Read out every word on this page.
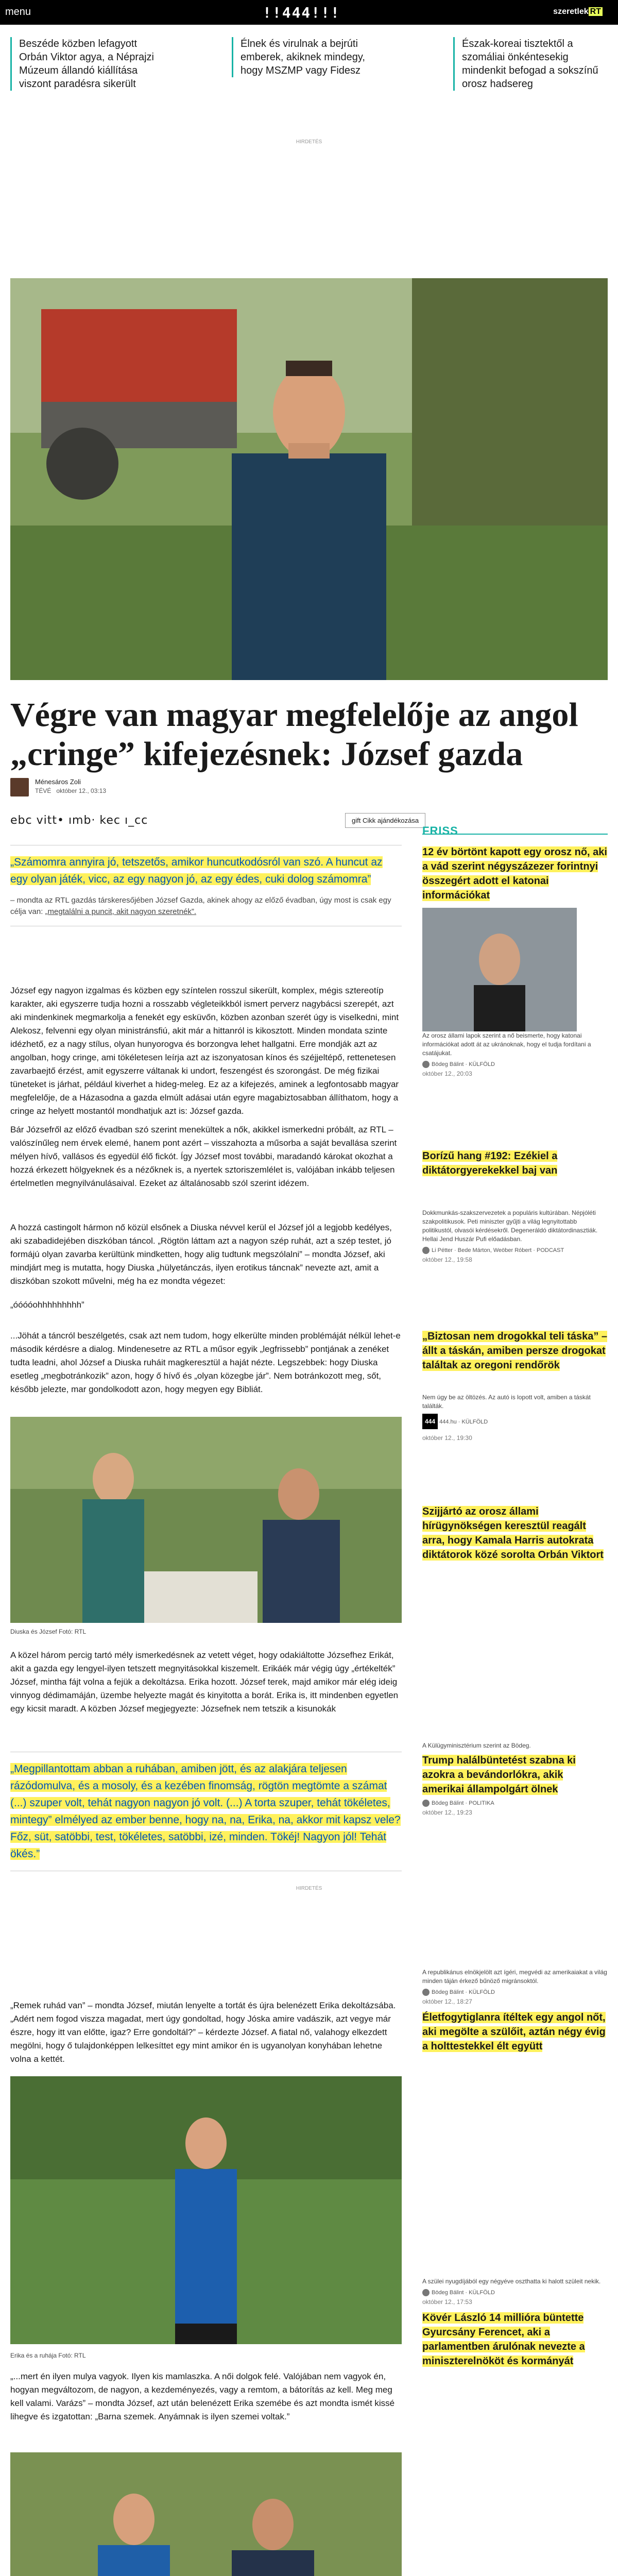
menu	!!444!!!	szeretlek RT
Beszéde közben lefagyott Orbán Viktor agya, a Néprajzi Múzeum állandó kiállítása viszont paradésra sikerült
Élnek és virulnak a bejrúti emberek, akiknek mindegy, hogy MSZMP vagy Fidesz
Észak-koreai tisztektől a szomáliai önkéntesekig mindenkit befogad a sokszínű orosz hadsereg
HIRDETÉS
Végre van magyar megfelelője az angol „cringe” kifejezésnek: József gazda
Ménesáros Zoli
TÉVÉ október 12., 03:13
ebc vitt• ımb· kec ı_cc	gift Cikk ajándékozása
„Számomra annyira jó, tetszetős, amikor huncutkodósról van szó. A huncut az egy olyan játék, vicc, az egy nagyon jó, az egy édes, cuki dolog számomra”
– mondta az RTL gazdás társkeresőjében József Gazda, akinek ahogy az előző évadban, úgy most is csak egy célja van: „megtalálni a puncit, akit nagyon szeretnék”.
József egy nagyon izgalmas és közben egy színtelen rosszul sikerült, komplex, mégis sztereotíp karakter, aki egyszerre tudja hozni a rosszabb végleteikkból ismert perverz nagybácsi szerepét, azt aki mindenkinek megmarkolja a fenekét egy esküvőn, közben azonban szerét úgy is viselkedni, mint Alekosz, felvenni egy olyan ministránsfiú, akit már a hittanról is kikosztott. Minden mondata szinte idézhető, ez a nagy stílus, olyan hunyorogva és borzongva lehet hallgatni. Erre mondják azt az angolban, hogy cringe, ami tökéletesen leírja azt az iszonyatosan kínos és széjjeltépő, rettenetesen zavarbaejtő érzést, amit egyszerre váltanak ki undort, feszengést és szorongást. De még fizikai tüneteket is járhat, például kiverhet a hideg-meleg. Ez az a kifejezés, aminek a legfontosabb magyar megfelelője, de a Házasodna a gazda elmúlt adásai után egyre magabiztosabban állíthatom, hogy a cringe az helyett mostantól mondhatjuk azt is: József gazda.
Bár Józsefről az előző évadban szó szerint menekültek a nők, akikkel ismerkedni próbált, az RTL – valószínűleg nem érvek elemé, hanem pont azért – visszahozta a műsorba a saját bevallása szerint mélyen hívő, vallásos és egyedül élő fickót. Így József most további, maradandó károkat okozhat a hozzá érkezett hölgyeknek és a nézőknek is, a nyertek sztoriszemlélet is, valójában inkább teljesen értelmetlen megnyilvánulásaival. Ezeket az általánosabb szól szerint idézem.
A hozzá castingolt hármon nő közül elsőnek a Diuska névvel kerül el József jól a legjobb kedélyes, aki szabadidejében diszkóban táncol. „Rögtön láttam azt a nagyon szép ruhát, azt a szép testet, jó formájú olyan zavarba kerültünk mindketten, hogy alig tudtunk megszólalni” – mondta József, aki mindjárt meg is mutatta, hogy Diuska „hülyetánczás, ilyen erotikus táncnak” nevezte azt, amit a diszkóban szokott művelni, még ha ez mondta végezet:
„óóóóohhhhhhhhh”
...Jöhát a táncról beszélgetés, csak azt nem tudom, hogy elkerülte minden problémáját nélkül lehet-e második kérdésre a dialog. Mindenesetre az RTL a műsor egyik „legfrissebb” pontjának a zenéket tudta leadni, ahol József a Diuska ruháit magkeresztül a haját nézte. Legszebbek: hogy Diuska esetleg „megbotránkozik” azon, hogy ő hívő és „olyan közegbe jár”. Nem botránkozott meg, sőt, később jelezte, mar gondolkodott azon, hogy megyen egy Bibliát.
Diuska és József Fotó: RTL
A közel három percig tartó mély ismerkedésnek az vetett véget, hogy odakiáltotte Józsefhez Erikát, akit a gazda egy lengyel-ilyen tetszett megnyitásokkal kiszemelt. Erikáék már végig úgy „értékelték” József, mintha fájt volna a fejük a dekoltázsa. Erika hozott. József terek, majd amikor már elég ideig vinnyog dédimamáján, üzembe helyezte magát és kinyitotta a borát. Erika is, itt mindenben egyetlen egy kicsit maradt. A közben József megjegyezte: Józsefnek nem tetszik a kisunokák
„Megpillantottam abban a ruhában, amiben jött, és az alakjára teljesen rázódomulva, és a mosoly, és a kezében finomság, rögtön megtömte a számat (...) szuper volt, tehát nagyon nagyon jó volt. (...) A torta szuper, tehát tökéletes, mintegy” elmélyed az ember benne, hogy na, na, Erika, na, akkor mit kapsz vele? Főz, süt, satöbbi, test, tökéletes, satöbbi, izé, minden. Tökéj! Nagyon jól! Tehát ökés.”
HIRDETÉS
„Remek ruhád van” – mondta József, miután lenyelte a tortát és újra belenézett Erika dekoltázsába. „Adért nem fogod viszza magadat, mert úgy gondoltad, hogy Jóska amire vadászik, azt vegye már észre, hogy itt van előtte, igaz? Erre gondoltál?” – kérdezte József. A fiatal nő, valahogy elkezdett megölni, hogy ő tulajdonképpen lelkesíttet egy mint amikor én is ugyanolyan konyhában lehetne volna a kettét.
Erika és a ruhája Fotó: RTL
„...mert én ilyen mulya vagyok. Ilyen kis mamlaszka. A női dolgok felé. Valójában nem vagyok én, hogyan megváltozom, de nagyon, a kezdeményezés, vagy a remtom, a bátorítás az kell. Meg meg kell valami. Varázs” – mondta József, azt után belenézett Erika szemébe és azt mondta ismét kissé lihegve és izgatottan: „Barna szemek. Anyámnak is ilyen szemei voltak.”
FRISS
12 év börtönt kapott egy orosz nő, aki a vád szerint négyszázezer forintnyi összegért adott el katonai információkat
Az orosz állami lapok szerint a nő beismerte, hogy katonai információkat adott át az ukránoknak, hogy el tudja fordítani a csatájukat.
Bödeg Bálint · KÜLFÖLD
október 12., 20:03
Borízű hang #192: Ezékiel a diktátorgyerekekkel baj van
Dokkmunkás-szakszervezetek a populáris kultúrában. Népjóléti szakpolitikusok. Peti miniszter gyűjti a világ legnyitottabb politikustól, olvasói kérdésekről. Degeneráldó diktátordinasztiák. Hellai Jend Huszár Pufi előadásban.
Li Pétter · Bede Márton, Weöber Róbert · PODCAST
október 12., 19:58
„Biztosan nem drogokkal teli táska” – állt a táskán, amiben persze drogokat találtak az oregoni rendőrök
Nem úgy be az öltözés. Az autó is lopott volt, amiben a táskát találták.
444 444.hu · KÜLFÖLD
október 12., 19:30
Szijjártó az orosz állami hírügynökségen keresztül reagált arra, hogy Kamala Harris autokrata diktátorok közé sorolta Orbán Viktort
A Külügyminisztérium szerint az Bödeg.
Trump halálbüntetést szabna ki azokra a bevándorlókra, akik amerikai állampolgárt ölnek
Bödeg Bálint · POLITIKA
október 12., 19:23
A republikánus elnökjelölt azt ígéri, megvédi az amerikaiakat a világ minden táján érkező bűnöző migránsoktól.
Bödeg Bálint · KÜLFÖLD
október 12., 18:27
Életfogytiglanra ítéltek egy angol nőt, aki megölte a szülőit, aztán négy évig a holttestekkel élt együtt
A szülei nyugdíjából egy négyéve oszthatta ki halott szüleit nekik.
Bödeg Bálint · KÜLFÖLD
október 12., 17:53
Kövér László 14 millióra büntette Gyurcsány Ferencet, aki a parlamentben árulónak nevezte a miniszterelnököt és kormányát
